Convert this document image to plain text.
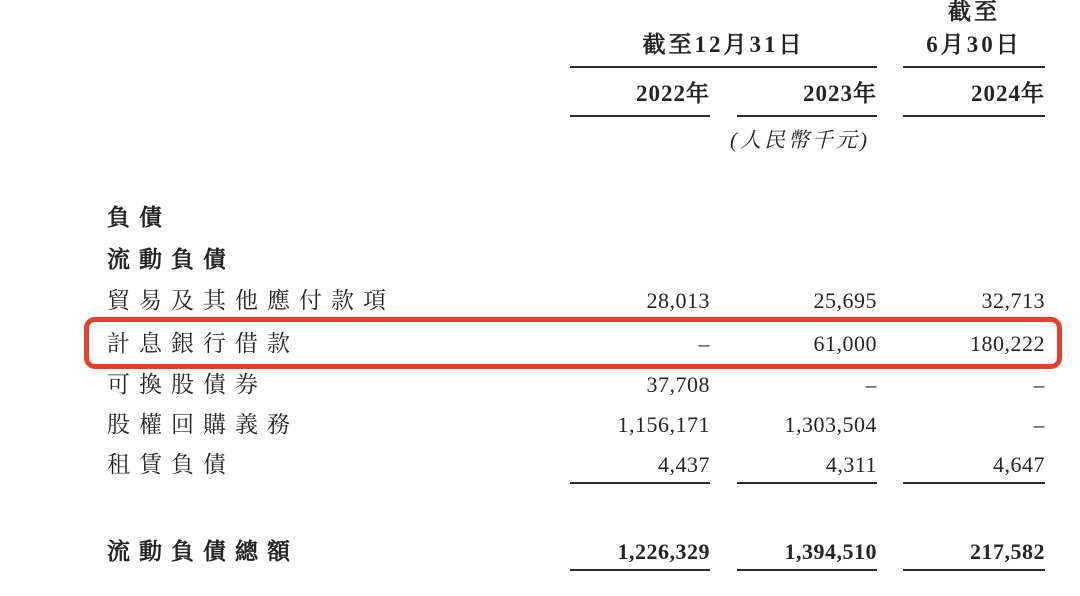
截至
截至12月31日	6月30日
2022年	2023年	2024年
(人民幣千元)
負債
流動負債
貿易及其他應付款項	28,013	25,695	32,713
計息銀行借款	–	61,000	180,222
可換股債券	37,708	–	–
股權回購義務	1,156,171	1,303,504	–
租賃負債	4,437	4,311	4,647
流動負債總額	1,226,329	1,394,510	217,582
